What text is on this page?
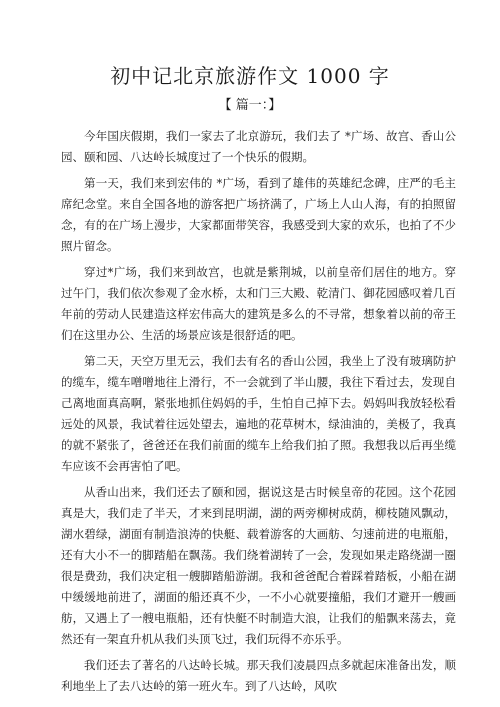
初中记北京旅游作文 1000 字
【 篇一：】

今年国庆假期，我们一家去了北京游玩，我们去了 *广场、故宫、香山公园、颐和园、八达岭长城度过了一个快乐的假期。

第一天，我们来到宏伟的 *广场，看到了雄伟的英雄纪念碑，庄严的毛主席纪念堂。来自全国各地的游客把广场挤满了，广场上人山人海，有的拍照留念，有的在广场上漫步，大家都面带笑容，我感受到大家的欢乐，也拍了不少照片留念。

穿过*广场，我们来到故宫，也就是紫荆城，以前皇帝们居住的地方。穿过午门，我们依次参观了金水桥，太和门三大殿、乾清门、御花园感叹着几百年前的劳动人民建造这样宏伟高大的建筑是多么的不寻常，想象着以前的帝王们在这里办公、生活的场景应该是很舒适的吧。

第二天，天空万里无云，我们去有名的香山公园，我坐上了没有玻璃防护的缆车，缆车噌噌地往上滑行，不一会就到了半山腰，我往下看过去，发现自己离地面真高啊，紧张地抓住妈妈的手，生怕自己掉下去。妈妈叫我放轻松看远处的风景，我试着往远处望去，遍地的花草树木，绿油油的，美极了，我真的就不紧张了，爸爸还在我们前面的缆车上给我们拍了照。我想我以后再坐缆车应该不会再害怕了吧。

从香山出来，我们还去了颐和园，据说这是古时候皇帝的花园。这个花园真是大，我们走了半天，才来到昆明湖，湖的两旁柳树成荫，柳枝随风飘动，湖水碧绿，湖面有制造浪涛的快艇、载着游客的大画舫、匀速前进的电瓶船，还有大小不一的脚踏船在飘荡。我们绕着湖转了一会，发现如果走路绕湖一圈很是费劲，我们决定租一艘脚踏船游湖。我和爸爸配合着踩着踏板，小船在湖中缓缓地前进了，湖面的船还真不少，一不小心就要撞船，我们才避开一艘画舫，又遇上了一艘电瓶船，还有快艇不时制造大浪，让我们的船飘来荡去，竟然还有一架直升机从我们头顶飞过，我们玩得不亦乐乎。

我们还去了著名的八达岭长城。那天我们凌晨四点多就起床准备出发，顺利地坐上了去八达岭的第一班火车。到了八达岭，风吹
